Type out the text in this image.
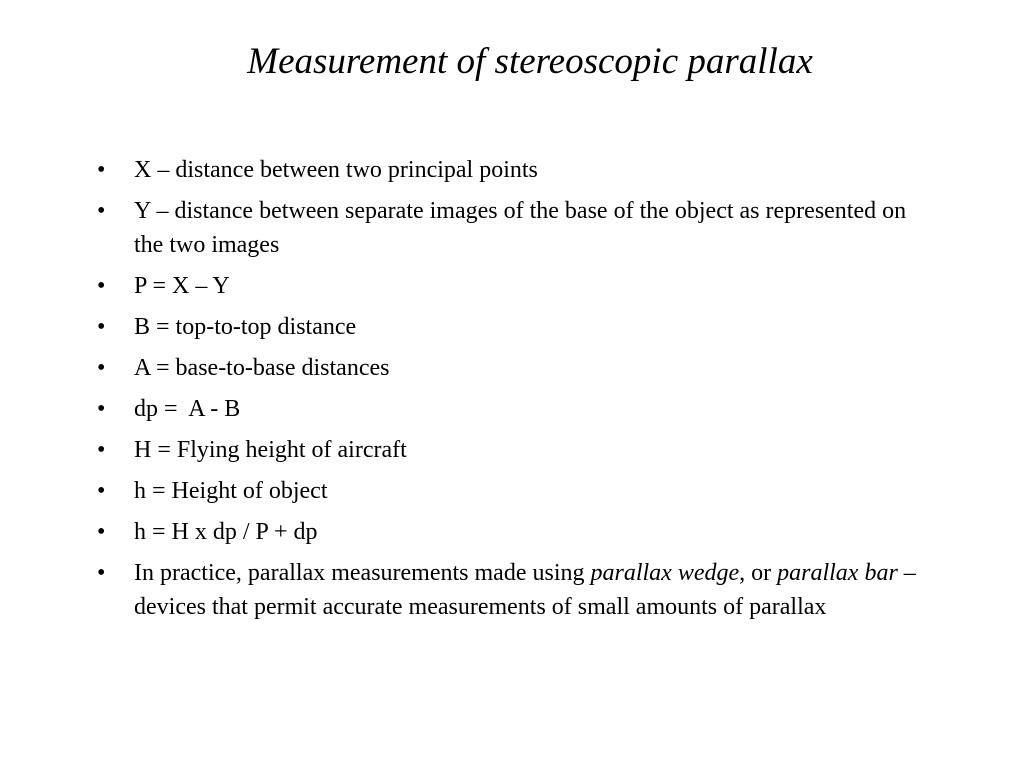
Measurement of stereoscopic parallax
• X – distance between two principal points
• Y – distance between separate images of the base of the object as represented on the two images
• P = X – Y
• B = top-to-top distance
• A = base-to-base distances
• dp =  A - B
• H = Flying height of aircraft
• h = Height of object
• h = H x dp / P + dp
• In practice, parallax measurements made using parallax wedge, or parallax bar – devices that permit accurate measurements of small amounts of parallax
